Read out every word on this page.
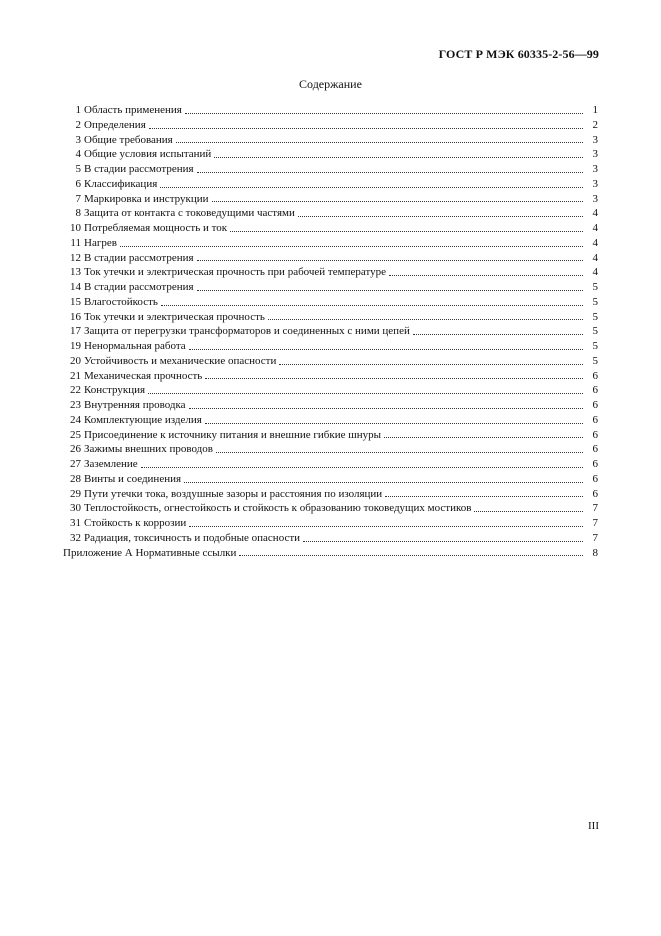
ГОСТ Р МЭК 60335-2-56—99
Содержание
1 Область применения	1
2 Определения	2
3 Общие требования	3
4 Общие условия испытаний	3
5 В стадии рассмотрения	3
6 Классификация	3
7 Маркировка и инструкции	3
8 Защита от контакта с токоведущими частями	4
10 Потребляемая мощность и ток	4
11 Нагрев	4
12 В стадии рассмотрения	4
13 Ток утечки и электрическая прочность при рабочей температуре	4
14 В стадии рассмотрения	5
15 Влагостойкость	5
16 Ток утечки и электрическая прочность	5
17 Защита от перегрузки трансформаторов и соединенных с ними цепей	5
19 Ненормальная работа	5
20 Устойчивость и механические опасности	5
21 Механическая прочность	6
22 Конструкция	6
23 Внутренняя проводка	6
24 Комплектующие изделия	6
25 Присоединение к источнику питания и внешние гибкие шнуры	6
26 Зажимы внешних проводов	6
27 Заземление	6
28 Винты и соединения	6
29 Пути утечки тока, воздушные зазоры и расстояния по изоляции	6
30 Теплостойкость, огнестойкость и стойкость к образованию токоведущих мостиков	7
31 Стойкость к коррозии	7
32 Радиация, токсичность и подобные опасности	7
Приложение А Нормативные ссылки	8
III
